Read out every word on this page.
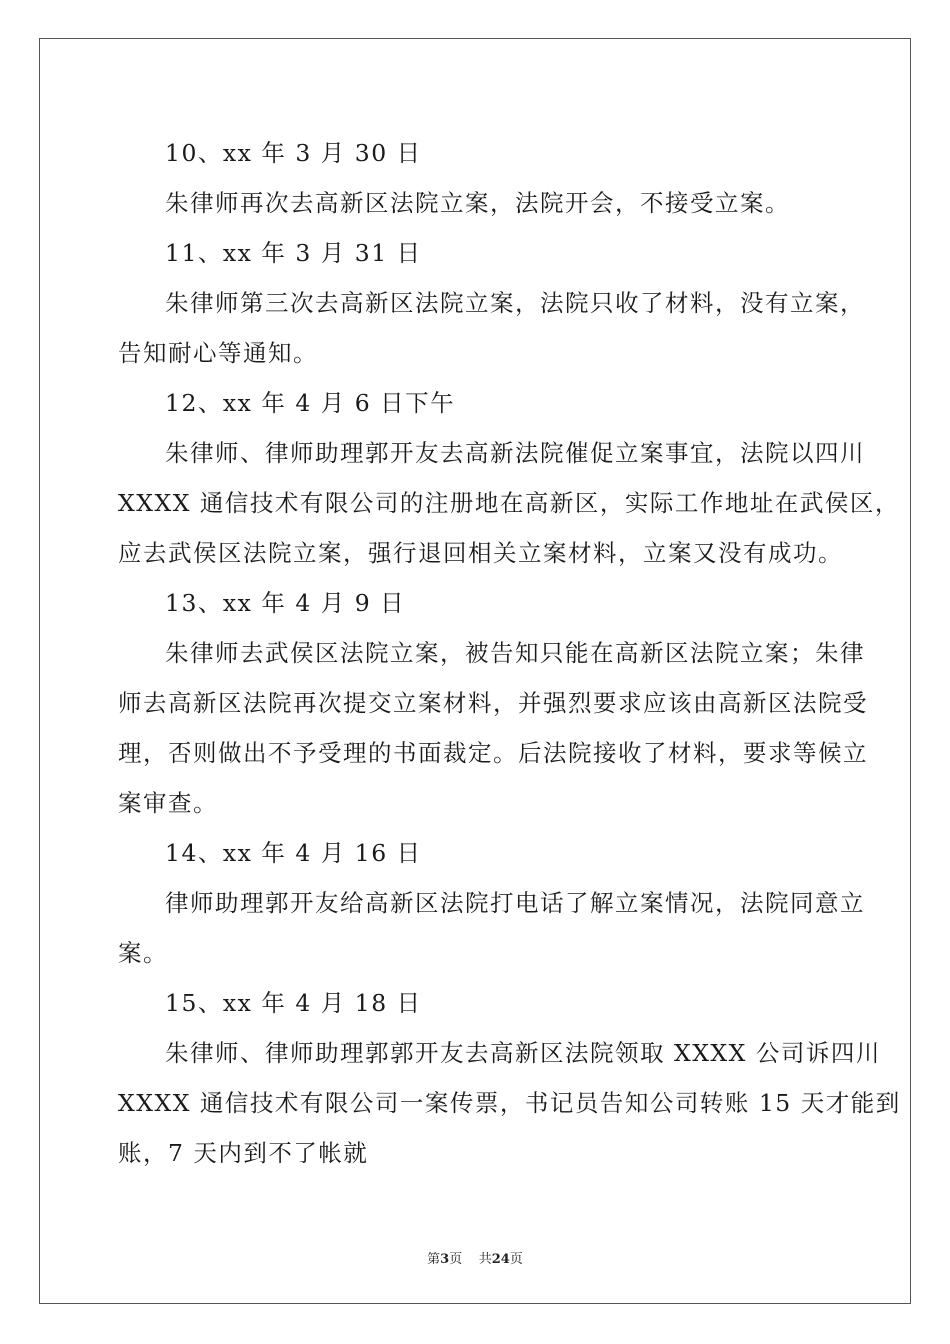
10、xx 年 3 月 30 日
朱律师再次去高新区法院立案，法院开会，不接受立案。
11、xx 年 3 月 31 日
朱律师第三次去高新区法院立案，法院只收了材料，没有立案，
告知耐心等通知。
12、xx 年 4 月 6 日下午
朱律师、律师助理郭开友去高新法院催促立案事宜，法院以四川
XXXX 通信技术有限公司的注册地在高新区，实际工作地址在武侯区，
应去武侯区法院立案，强行退回相关立案材料，立案又没有成功。
13、xx 年 4 月 9 日
朱律师去武侯区法院立案，被告知只能在高新区法院立案；朱律
师去高新区法院再次提交立案材料，并强烈要求应该由高新区法院受
理，否则做出不予受理的书面裁定。后法院接收了材料，要求等候立
案审查。
14、xx 年 4 月 16 日
律师助理郭开友给高新区法院打电话了解立案情况，法院同意立
案。
15、xx 年 4 月 18 日
朱律师、律师助理郭郭开友去高新区法院领取 XXXX 公司诉四川
XXXX 通信技术有限公司一案传票，书记员告知公司转账 15 天才能到
账，7 天内到不了帐就
第3页 共24页
